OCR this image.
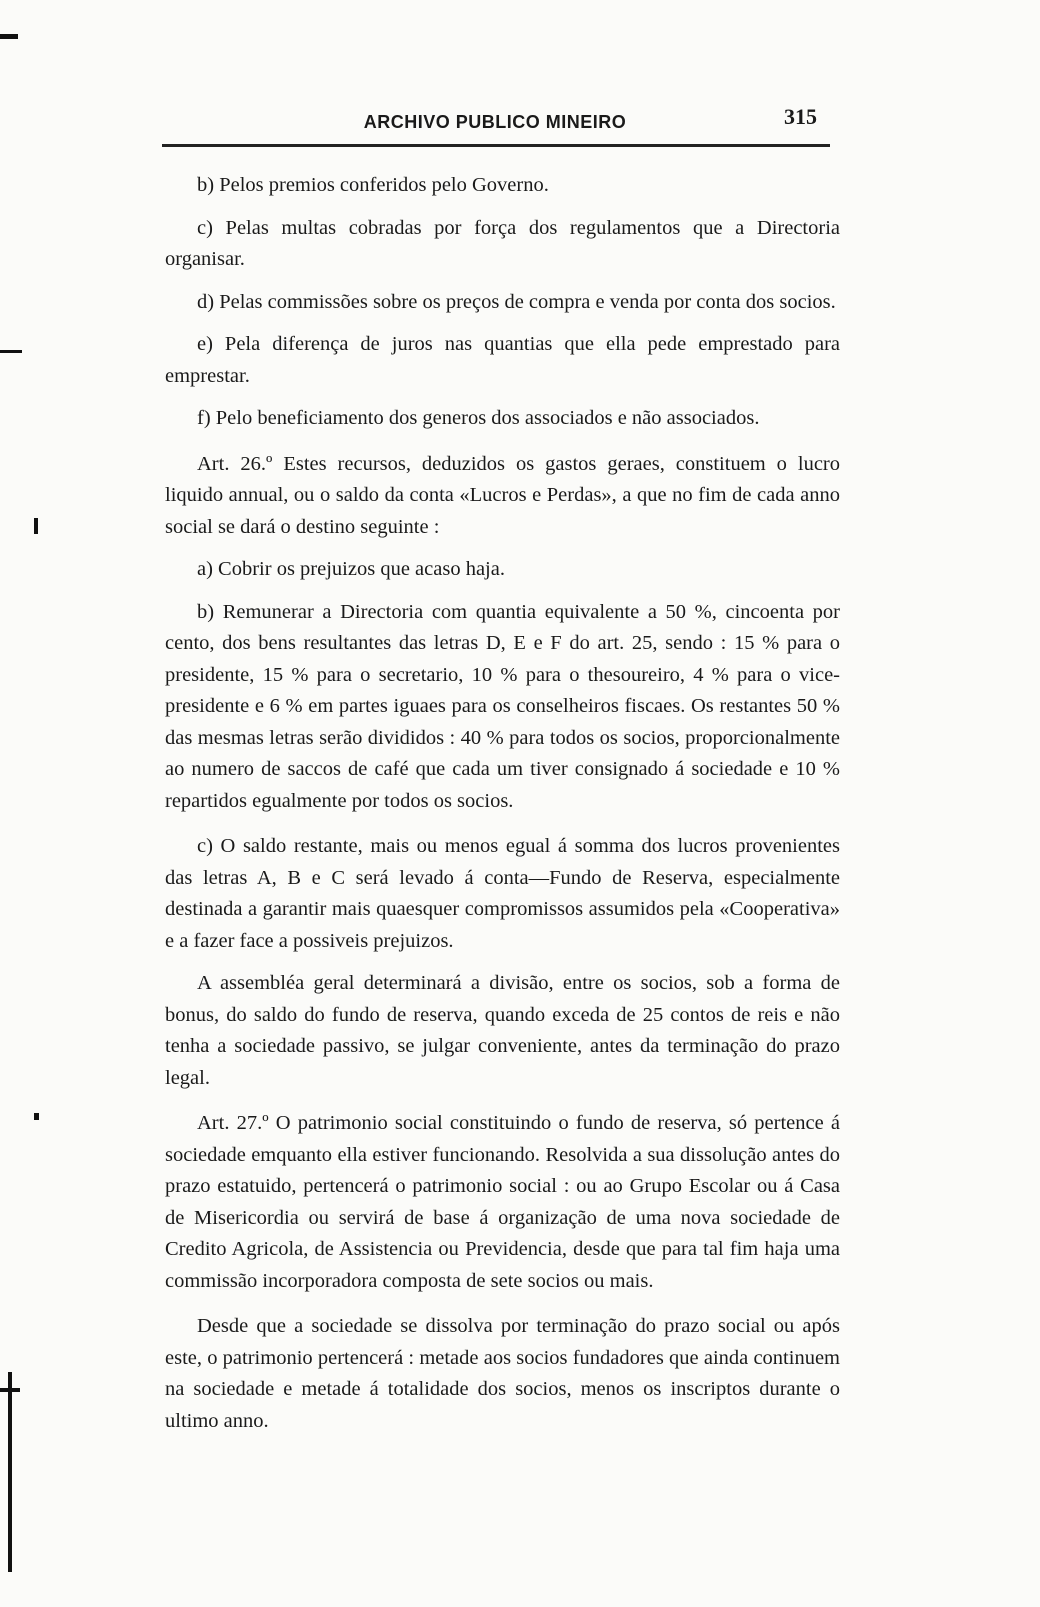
ARCHIVO PUBLICO MINEIRO	315

b) Pelos premios conferidos pelo Governo.

c) Pelas multas cobradas por força dos regulamentos que a Directoria organisar.

d) Pelas commissões sobre os preços de compra e venda por conta dos socios.

e) Pela diferença de juros nas quantias que ella pede emprestado para emprestar.

f) Pelo beneficiamento dos generos dos associados e não associados.

Art. 26.º Estes recursos, deduzidos os gastos geraes, constituem o lucro liquido annual, ou o saldo da conta «Lucros e Perdas», a que no fim de cada anno social se dará o destino seguinte :

a) Cobrir os prejuizos que acaso haja.

b) Remunerar a Directoria com quantia equivalente a 50 %, cincoenta por cento, dos bens resultantes das letras D, E e F do art. 25, sendo : 15 % para o presidente, 15 % para o secretario, 10 % para o thesoureiro, 4 % para o vice-presidente e 6 % em partes iguaes para os conselheiros fiscaes. Os restantes 50 % das mesmas letras serão divididos : 40 % para todos os socios, proporcionalmente ao numero de saccos de café que cada um tiver consignado á sociedade e 10 % repartidos egualmente por todos os socios.

c) O saldo restante, mais ou menos egual á somma dos lucros provenientes das letras A, B e C será levado á conta—Fundo de Reserva, especialmente destinada a garantir mais quaesquer compromissos assumidos pela «Cooperativa» e a fazer face a possiveis prejuizos.

A assembléa geral determinará a divisão, entre os socios, sob a forma de bonus, do saldo do fundo de reserva, quando exceda de 25 contos de reis e não tenha a sociedade passivo, se julgar conveniente, antes da terminação do prazo legal.

Art. 27.º O patrimonio social constituindo o fundo de reserva, só pertence á sociedade emquanto ella estiver funcionando. Resolvida a sua dissolução antes do prazo estatuido, pertencerá o patrimonio social : ou ao Grupo Escolar ou á Casa de Misericordia ou servirá de base á organização de uma nova sociedade de Credito Agricola, de Assistencia ou Previdencia, desde que para tal fim haja uma commissão incorporadora composta de sete socios ou mais.

Desde que a sociedade se dissolva por terminação do prazo social ou após este, o patrimonio pertencerá : metade aos socios fundadores que ainda continuem na sociedade e metade á totalidade dos socios, menos os inscriptos durante o ultimo anno.
